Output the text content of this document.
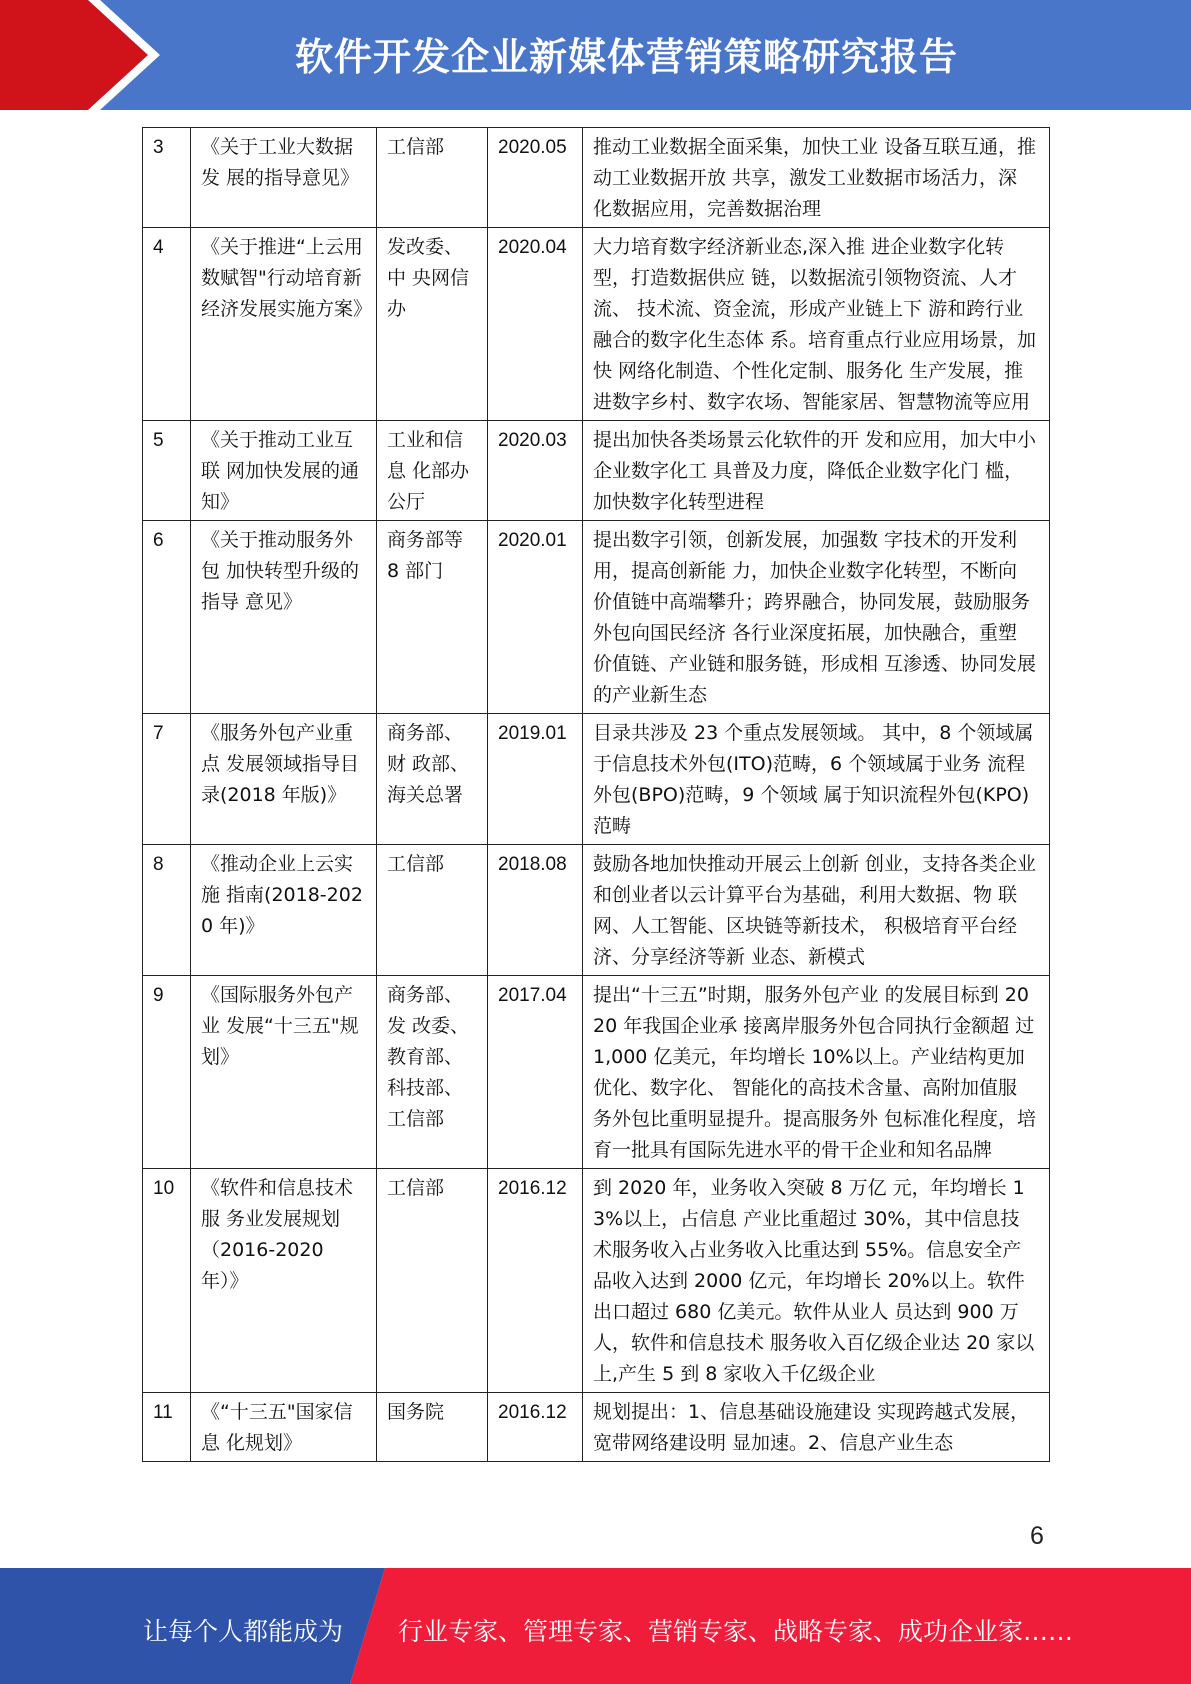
软件开发企业新媒体营销策略研究报告
3	《关于工业大数据发 展的指导意见》	工信部	2020.05	推动工业数据全面采集，加快工业 设备互联互通，推动工业数据开放 共享，激发工业数据市场活力，深 化数据应用，完善数据治理
4	《关于推进“上云用 数赋智"行动培育新 经济发展实施方案》	发改委、中 央网信办	2020.04	大力培育数字经济新业态,深入推 进企业数字化转型，打造数据供应 链，以数据流引领物资流、人才流、 技术流、资金流，形成产业链上下 游和跨行业融合的数字化生态体 系。培育重点行业应用场景，加快 网络化制造、个性化定制、服务化 生产发展，推进数字乡村、数字农场、智能家居、智慧物流等应用
5	《关于推动工业互联 网加快发展的通知》	工业和信息 化部办公厅	2020.03	提出加快各类场景云化软件的开 发和应用，加大中小企业数字化工 具普及力度，降低企业数字化门 槛，加快数字化转型进程
6	《关于推动服务外包 加快转型升级的指导 意见》	商务部等 8 部门	2020.01	提出数字引领，创新发展，加强数 字技术的开发利用，提高创新能 力，加快企业数字化转型，不断向 价值链中高端攀升；跨界融合，协同发展，鼓励服务外包向国民经济 各行业深度拓展，加快融合，重塑 价值链、产业链和服务链，形成相 互渗透、协同发展的产业新生态
7	《服务外包产业重点 发展领域指导目录(2018 年版)》	商务部、财 政部、海关总署	2019.01	目录共涉及 23 个重点发展领域。 其中，8 个领域属于信息技术外包(ITO)范畴，6 个领域属于业务 流程外包(BPO)范畴，9 个领域 属于知识流程外包(KPO)范畴
8	《推动企业上云实施 指南(2018-2020 年)》	工信部	2018.08	鼓励各地加快推动开展云上创新 创业，支持各类企业和创业者以云计算平台为基础，利用大数据、物 联网、人工智能、区块链等新技术， 积极培育平台经济、分享经济等新 业态、新模式
9	《国际服务外包产业 发展“十三五"规划》	商务部、发 改委、教育部、科技部、工信部	2017.04	提出“十三五”时期，服务外包产业 的发展目标到 2020 年我国企业承 接离岸服务外包合同执行金额超 过 1,000 亿美元，年均增长 10%以上。产业结构更加优化、数字化、 智能化的高技术含量、高附加值服 务外包比重明显提升。提高服务外 包标准化程度，培育一批具有国际先进水平的骨干企业和知名品牌
10	《软件和信息技术服 务业发展规划（2016-2020 年）》	工信部	2016.12	到 2020 年，业务收入突破 8 万亿 元，年均增长 13%以上，占信息 产业比重超过 30%，其中信息技 术服务收入占业务收入比重达到 55%。信息安全产品收入达到 2000 亿元，年均增长 20%以上。软件 出口超过 680 亿美元。软件从业人 员达到 900 万人，软件和信息技术 服务收入百亿级企业达 20 家以 上,产生 5 到 8 家收入千亿级企业
11	《“十三五"国家信息 化规划》	国务院	2016.12	规划提出：1、信息基础设施建设 实现跨越式发展，宽带网络建设明 显加速。2、信息产业生态
6
让每个人都能成为 行业专家、管理专家、营销专家、战略专家、成功企业家……
